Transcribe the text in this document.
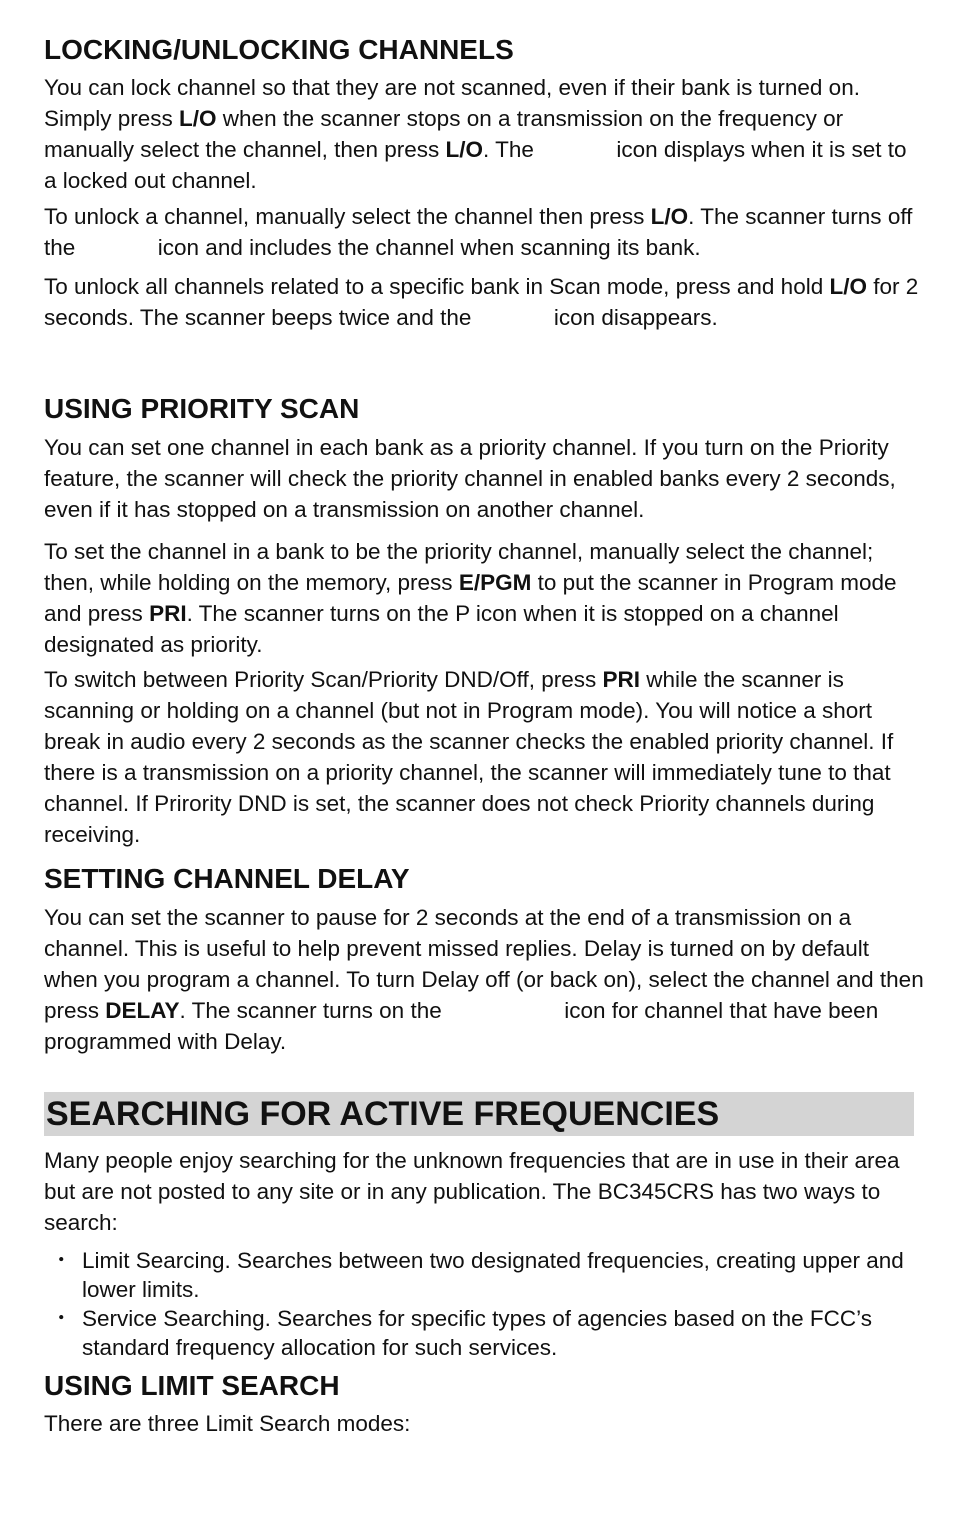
LOCKING/UNLOCKING CHANNELS

You can lock channel so that they are not scanned, even if their bank is turned on. Simply press L/O when the scanner stops on a transmission on the frequency or manually select the channel, then press L/O. The	icon displays when it is set to a locked out channel.

To unlock a channel, manually select the channel then press L/O. The scanner turns off the	icon and includes the channel when scanning its bank.

To unlock all channels related to a specific bank in Scan mode, press and hold L/O for 2 seconds. The scanner beeps twice and the	icon disappears.

USING PRIORITY SCAN

You can set one channel in each bank as a priority channel. If you turn on the Priority feature, the scanner will check the priority channel in enabled banks every 2 seconds, even if it has stopped on a transmission on another channel.

To set the channel in a bank to be the priority channel, manually select the channel; then, while holding on the memory, press E/PGM to put the scanner in Program mode and press PRI. The scanner turns on the P icon when it is stopped on a channel designated as priority.

To switch between Priority Scan/Priority DND/Off, press PRI while the scanner is scanning or holding on a channel (but not in Program mode). You will notice a short break in audio every 2 seconds as the scanner checks the enabled priority channel. If there is a transmission on a priority channel, the scanner will immediately tune to that channel. If Prirority DND is set, the scanner does not check Priority channels during receiving.

SETTING CHANNEL DELAY

You can set the scanner to pause for 2 seconds at the end of a transmission on a channel. This is useful to help prevent missed replies. Delay is turned on by default when you program a channel. To turn Delay off (or back on), select the channel and then press DELAY. The scanner turns on the	icon for channel that have been programmed with Delay.

SEARCHING FOR ACTIVE FREQUENCIES

Many people enjoy searching for the unknown frequencies that are in use in their area but are not posted to any site or in any publication. The BC345CRS has two ways to search:

・ Limit Searcing. Searches between two designated frequencies, creating upper and lower limits.
・ Service Searching. Searches for specific types of agencies based on the FCC’s standard frequency allocation for such services.
USING LIMIT SEARCH

There are three Limit Search modes:
